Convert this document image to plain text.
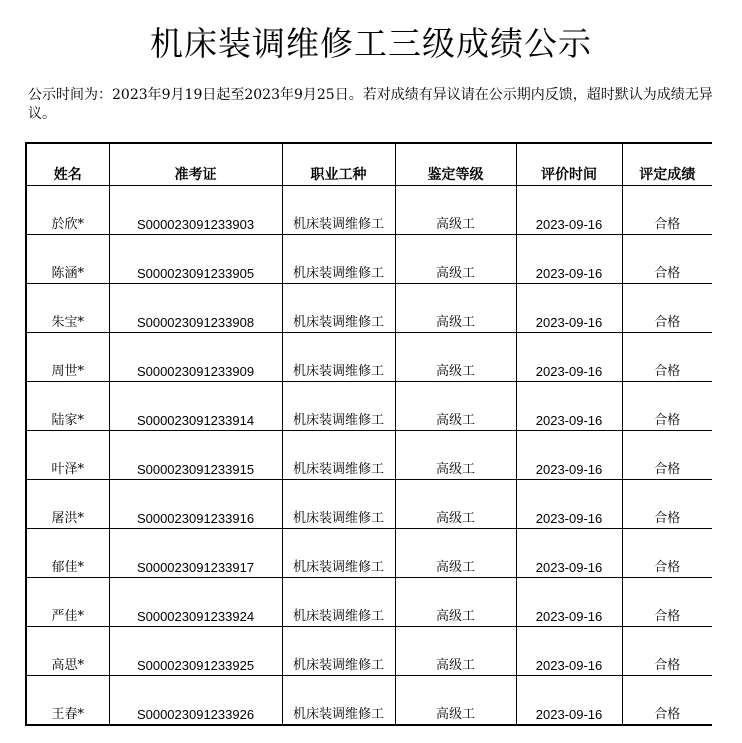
机床装调维修工三级成绩公示
公示时间为：2023年9月19日起至2023年9月25日。若对成绩有异议请在公示期内反馈，超时默认为成绩无异议。
姓名	准考证	职业工种	鉴定等级	评价时间	评定成绩
於欣*	S000023091233903	机床装调维修工	高级工	2023-09-16	合格
陈涵*	S000023091233905	机床装调维修工	高级工	2023-09-16	合格
朱宝*	S000023091233908	机床装调维修工	高级工	2023-09-16	合格
周世*	S000023091233909	机床装调维修工	高级工	2023-09-16	合格
陆家*	S000023091233914	机床装调维修工	高级工	2023-09-16	合格
叶泽*	S000023091233915	机床装调维修工	高级工	2023-09-16	合格
屠洪*	S000023091233916	机床装调维修工	高级工	2023-09-16	合格
郁佳*	S000023091233917	机床装调维修工	高级工	2023-09-16	合格
严佳*	S000023091233924	机床装调维修工	高级工	2023-09-16	合格
高思*	S000023091233925	机床装调维修工	高级工	2023-09-16	合格
王春*	S000023091233926	机床装调维修工	高级工	2023-09-16	合格
